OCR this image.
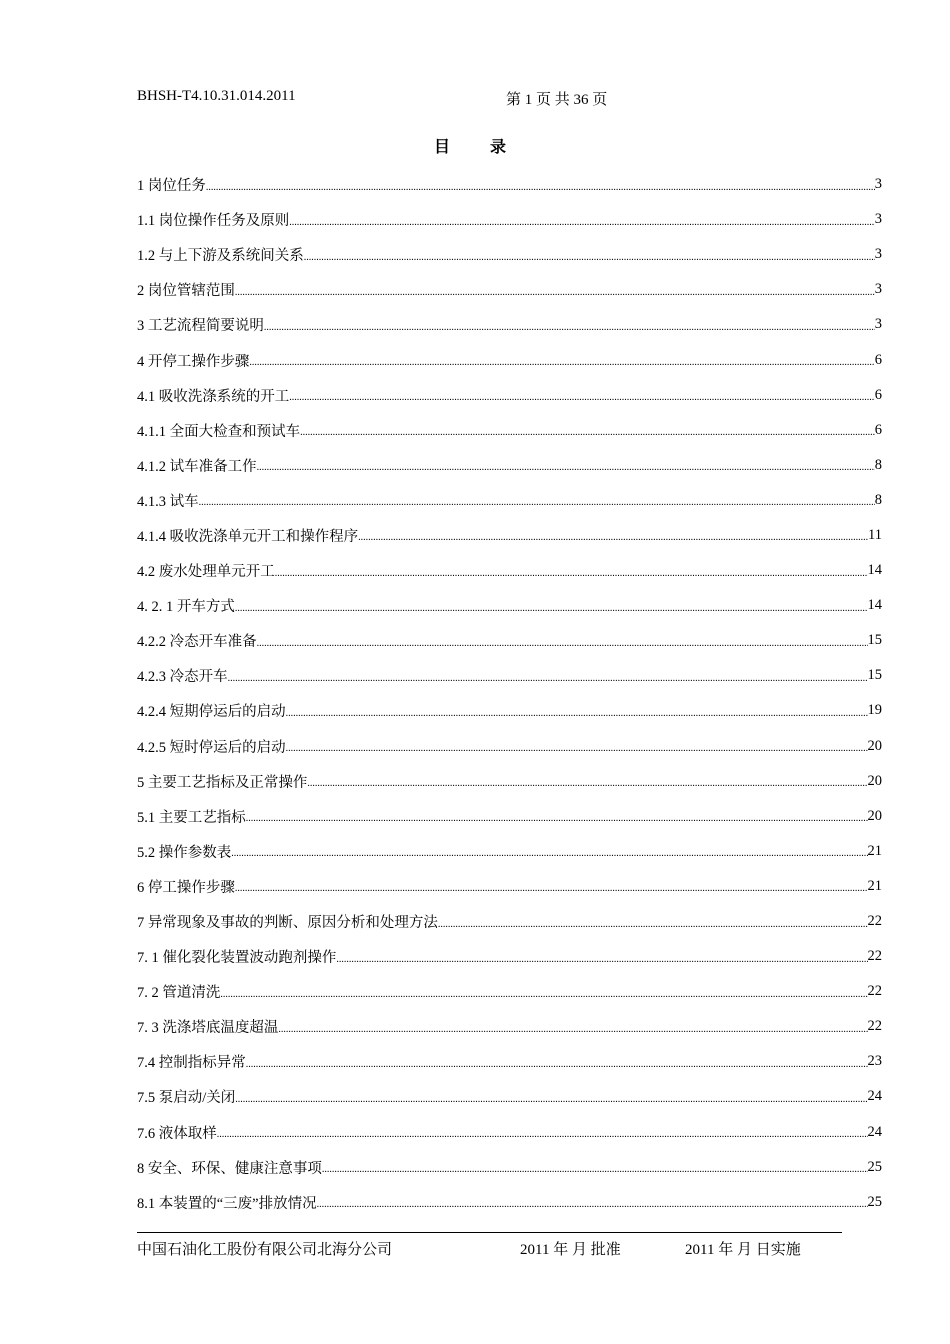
BHSH-T4.10.31.014.2011	第 1 页 共 36 页
目录
1 岗位任务 .....	3
1.1 岗位操作任务及原则 .....	3
1.2 与上下游及系统间关系 .....	3
2 岗位管辖范围 .....	3
3 工艺流程简要说明 .....	3
4 开停工操作步骤 .....	6
4.1 吸收洗涤系统的开工 .....	6
4.1.1 全面大检查和预试车 .....	6
4.1.2 试车准备工作 .....	8
4.1.3 试车 .....	8
4.1.4 吸收洗涤单元开工和操作程序 .....	11
4.2 废水处理单元开工 .....	14
4. 2. 1 开车方式 .....	14
4.2.2 冷态开车准备 .....	15
4.2.3 冷态开车 .....	15
4.2.4 短期停运后的启动 .....	19
4.2.5 短时停运后的启动 .....	20
5 主要工艺指标及正常操作 .....	20
5.1 主要工艺指标 .....	20
5.2 操作参数表 .....	21
6 停工操作步骤 .....	21
7 异常现象及事故的判断、原因分析和处理方法 .....	22
7. 1 催化裂化装置波动跑剂操作 .....	22
7. 2 管道清洗 .....	22
7. 3 洗涤塔底温度超温 .....	22
7.4 控制指标异常 .....	23
7.5 泵启动/关闭 .....	24
7.6 液体取样 .....	24
8 安全、环保、健康注意事项 .....	25
8.1 本装置的“三废”排放情况 .....	25
中国石油化工股份有限公司北海分公司	2011 年 月 批准	2011 年 月 日实施
